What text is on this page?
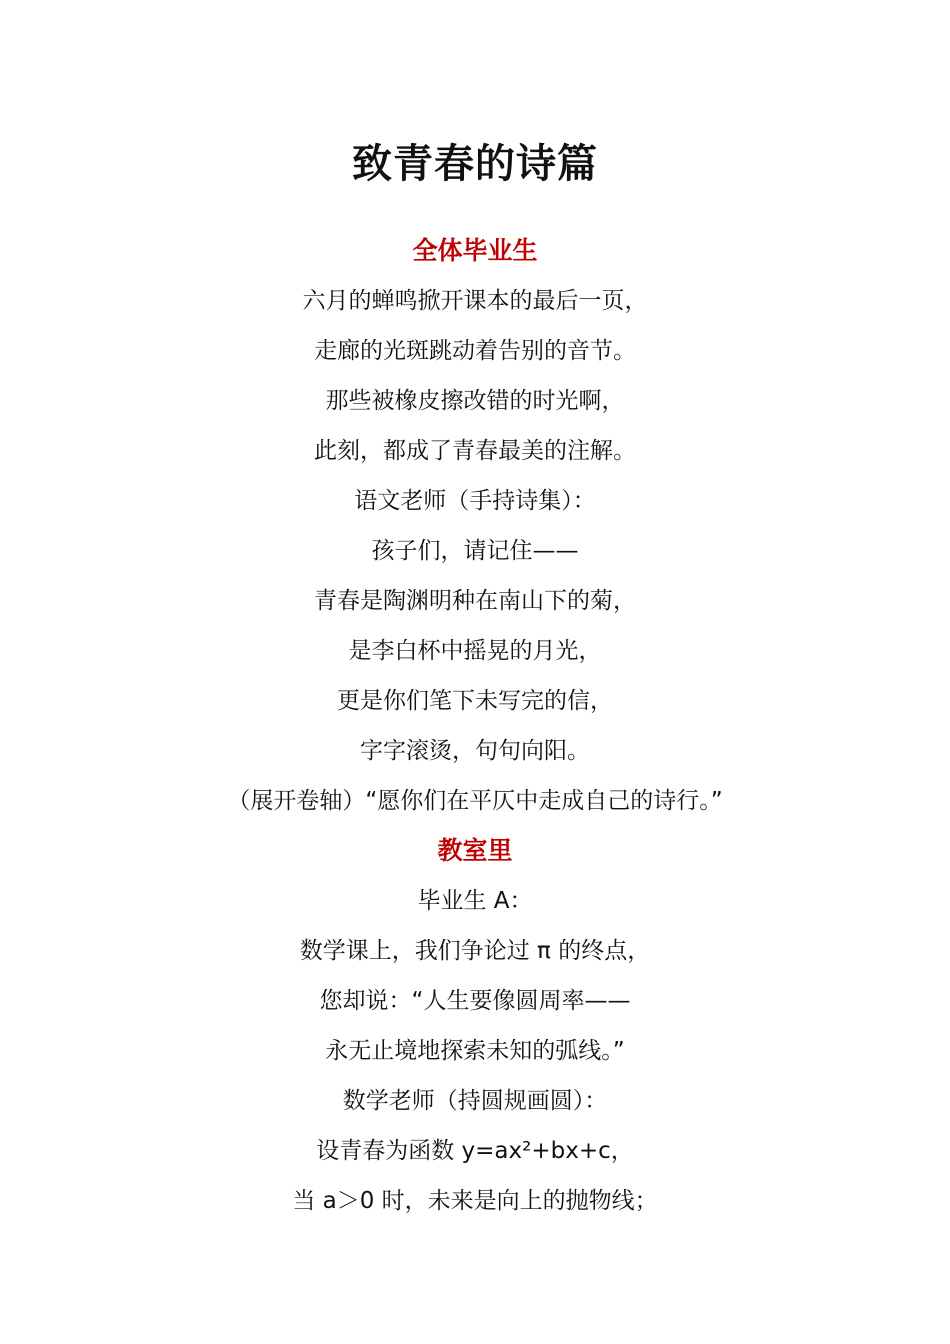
致青春的诗篇
全体毕业生
六月的蝉鸣掀开课本的最后一页，
走廊的光斑跳动着告别的音节。
那些被橡皮擦改错的时光啊，
此刻，都成了青春最美的注解。
语文老师（手持诗集）：
孩子们，请记住——
青春是陶渊明种在南山下的菊，
是李白杯中摇晃的月光，
更是你们笔下未写完的信，
字字滚烫，句句向阳。
（展开卷轴）“愿你们在平仄中走成自己的诗行。”
教室里
毕业生 A：
数学课上，我们争论过 π 的终点，
您却说：“人生要像圆周率——
永无止境地探索未知的弧线。”
数学老师（持圆规画圆）：
设青春为函数 y=ax²+bx+c，
当 a＞0 时，未来是向上的抛物线；
